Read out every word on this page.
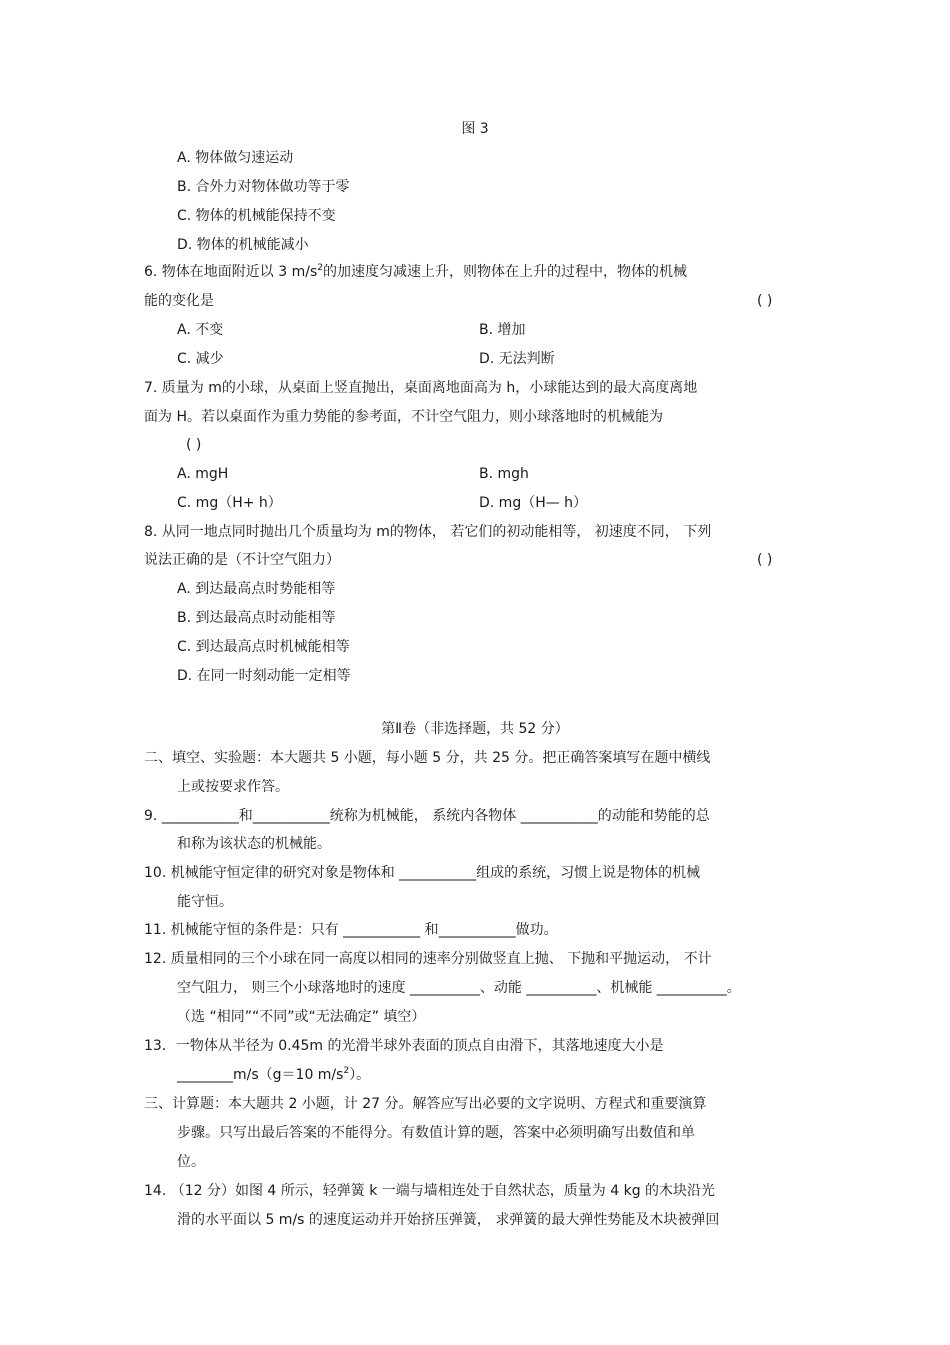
图 3
A. 物体做匀速运动
B. 合外力对物体做功等于零
C. 物体的机械能保持不变
D. 物体的机械能减小
6. 物体在地面附近以 3 $m/s^2$的加速度匀减速上升，则物体在上升的过程中，物体的机械
能的变化是	( )
A. 不变	B. 增加
C. 减少	D. 无法判断
7. 质量为 m的小球，从桌面上竖直抛出，桌面离地面高为 h，小球能达到的最大高度离地
面为 H。若以桌面作为重力势能的参考面，不计空气阻力，则小球落地时的机械能为
( )
A. mgH	B. mgh
C. mg（H+ h）	D. mg（H— h）
8. 从同一地点同时抛出几个质量均为 m的物体， 若它们的初动能相等， 初速度不同， 下列
说法正确的是（不计空气阻力）	( )
A. 到达最高点时势能相等
B. 到达最高点时动能相等
C. 到达最高点时机械能相等
D. 在同一时刻动能一定相等
第Ⅱ卷（非选择题，共 52 分）
二、填空、实验题：本大题共 5 小题，每小题 5 分，共 25 分。把正确答案填写在题中横线
上或按要求作答。
9. ___________和___________统称为机械能， 系统内各物体 ___________的动能和势能的总
和称为该状态的机械能。
10. 机械能守恒定律的研究对象是物体和 ___________组成的系统，习惯上说是物体的机械
能守恒。
11. 机械能守恒的条件是：只有 ___________ 和___________做功。
12. 质量相同的三个小球在同一高度以相同的速率分别做竖直上抛、 下抛和平抛运动， 不计
空气阻力， 则三个小球落地时的速度 __________、动能 __________、机械能 __________。
（选 “相同”“不同”或“无法确定” 填空）
13．一物体从半径为 0.45m 的光滑半球外表面的顶点自由滑下，其落地速度大小是
________m/s（g＝10 $m/s^2$）。
三、计算题：本大题共 2 小题，计 27 分。解答应写出必要的文字说明、方程式和重要演算
步骤。只写出最后答案的不能得分。有数值计算的题，答案中必须明确写出数值和单
位。
14. （12 分）如图 4 所示，轻弹簧 k 一端与墙相连处于自然状态，质量为 4 kg 的木块沿光
滑的水平面以 5 m/s 的速度运动并开始挤压弹簧， 求弹簧的最大弹性势能及木块被弹回
